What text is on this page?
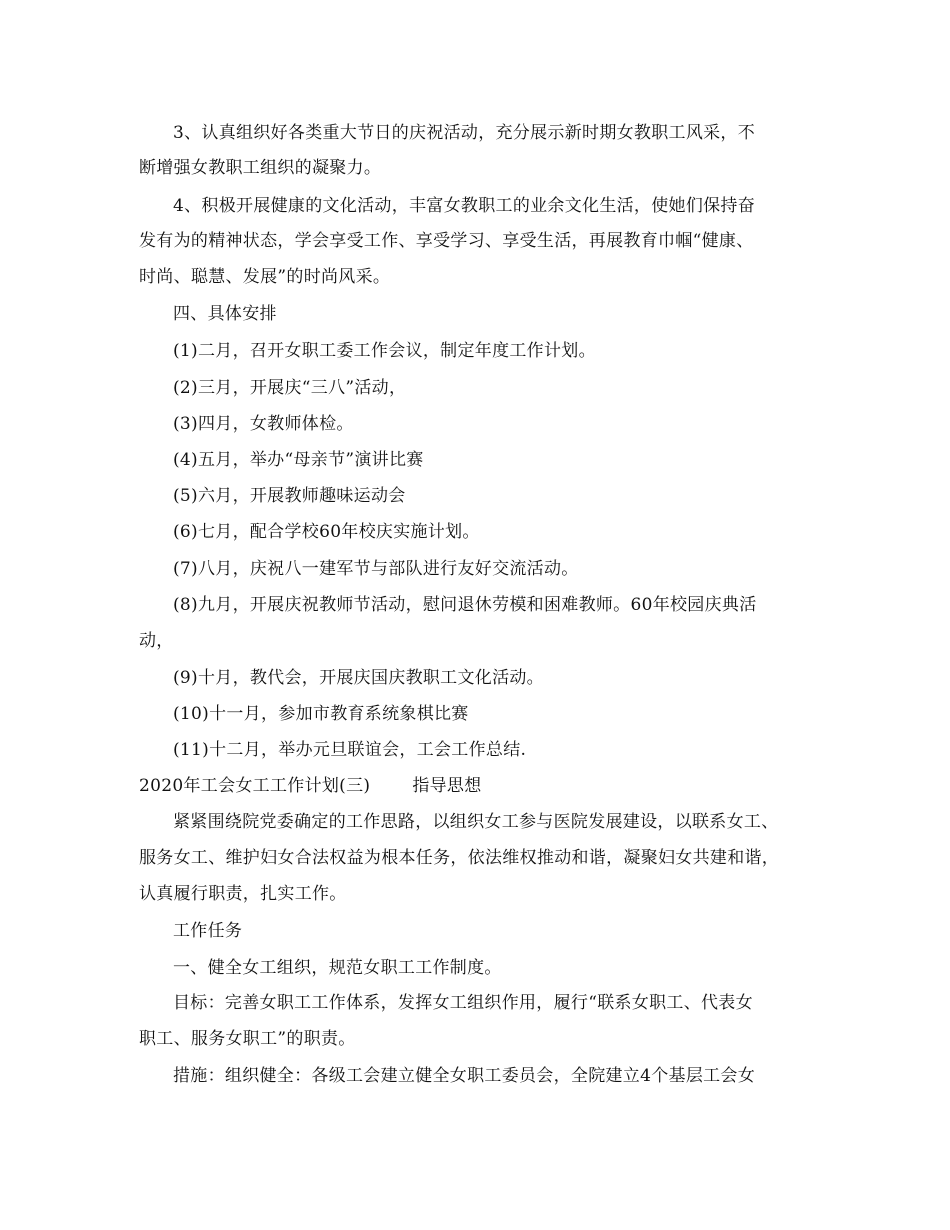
3、认真组织好各类重大节日的庆祝活动，充分展示新时期女教职工风采，不
断增强女教职工组织的凝聚力。
4、积极开展健康的文化活动，丰富女教职工的业余文化生活，使她们保持奋
发有为的精神状态，学会享受工作、享受学习、享受生活，再展教育巾帼“健康、
时尚、聪慧、发展”的时尚风采。
四、具体安排
(1)二月，召开女职工委工作会议，制定年度工作计划。
(2)三月，开展庆“三八”活动，
(3)四月，女教师体检。
(4)五月，举办“母亲节”演讲比赛
(5)六月，开展教师趣味运动会
(6)七月，配合学校60年校庆实施计划。
(7)八月，庆祝八一建军节与部队进行友好交流活动。
(8)九月，开展庆祝教师节活动，慰问退休劳模和困难教师。60年校园庆典活
动，
(9)十月，教代会，开展庆国庆教职工文化活动。
(10)十一月，参加市教育系统象棋比赛
(11)十二月，举办元旦联谊会，工会工作总结.
2020年工会女工工作计划(三) 指导思想
紧紧围绕院党委确定的工作思路，以组织女工参与医院发展建设，以联系女工、
服务女工、维护妇女合法权益为根本任务，依法维权推动和谐，凝聚妇女共建和谐，
认真履行职责，扎实工作。
工作任务
一、健全女工组织，规范女职工工作制度。
目标：完善女职工工作体系，发挥女工组织作用，履行“联系女职工、代表女
职工、服务女职工”的职责。
措施：组织健全：各级工会建立健全女职工委员会，全院建立4个基层工会女
